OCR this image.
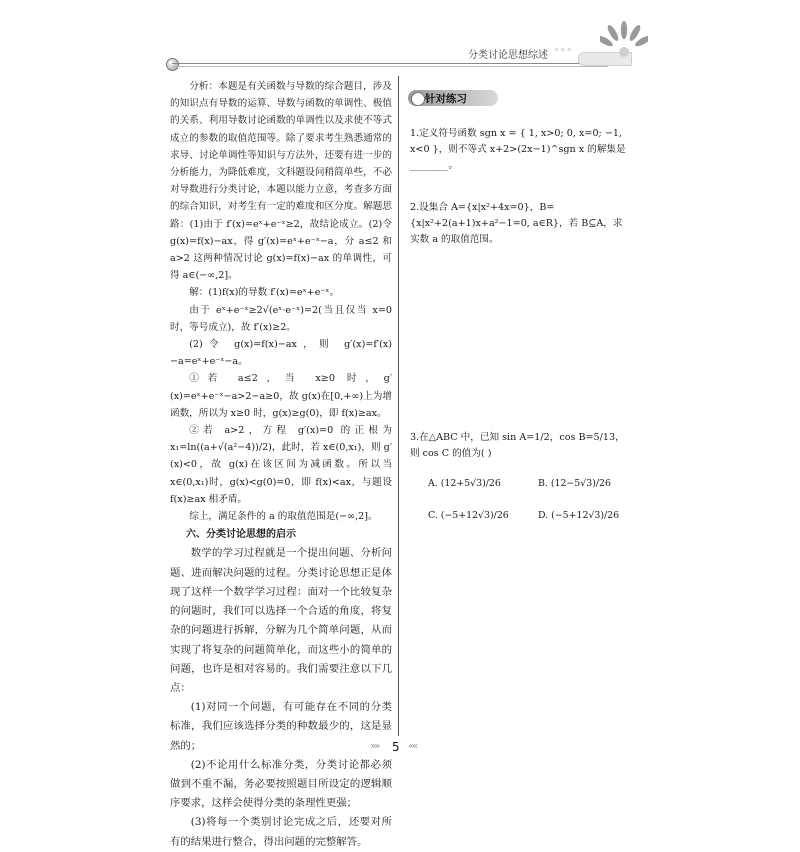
分类讨论思想综述 ◦◦◦

分析：本题是有关函数与导数的综合题目，涉及的知识点有导数的运算、导数与函数的单调性、极值的关系、利用导数讨论函数的单调性以及求使不等式成立的参数的取值范围等。除了要求考生熟悉通常的求导、讨论单调性等知识与方法外，还要有进一步的分析能力，为降低难度，文科题设问稍简单些，不必对导数进行分类讨论，本题以能力立意，考查多方面的综合知识，对考生有一定的难度和区分度。解题思路：(1)由于 f′(x)=eˣ+e⁻ˣ≥2，故结论成立。(2)令 g(x)=f(x)−ax，得 g′(x)=eˣ+e⁻ˣ−a，分 a≤2 和 a>2 这两种情况讨论 g(x)=f(x)−ax 的单调性，可得 a∈(−∞,2]。

解：(1)f(x)的导数 f′(x)=eˣ+e⁻ˣ。

由于 eˣ+e⁻ˣ≥2√(eˣ·e⁻ˣ)=2(当且仅当 x=0 时，等号成立)，故 f′(x)≥2。

(2)令 g(x)=f(x)−ax，则 g′(x)=f′(x)−a=eˣ+e⁻ˣ−a。

①若 a≤2，当 x≥0 时，g′(x)=eˣ+e⁻ˣ−a>2−a≥0，故 g(x)在[0,+∞)上为增函数，所以为 x≥0 时，g(x)≥g(0)，即 f(x)≥ax。

②若 a>2，方程 g′(x)=0 的正根为 x₁=ln((a+√(a²−4))/2)，此时，若 x∈(0,x₁)，则 g′(x)<0，故 g(x)在该区间为减函数。所以当 x∈(0,x₁)时，g(x)<g(0)=0，即 f(x)<ax，与题设 f(x)≥ax 相矛盾。

综上，满足条件的 a 的取值范围是(−∞,2]。

六、分类讨论思想的启示

数学的学习过程就是一个提出问题、分析问题、进而解决问题的过程。分类讨论思想正是体现了这样一个数学学习过程：面对一个比较复杂的问题时，我们可以选择一个合适的角度，将复杂的问题进行拆解，分解为几个简单问题，从而实现了将复杂的问题简单化，而这些小的简单的问题，也许是相对容易的。我们需要注意以下几点：

(1)对同一个问题，有可能存在不同的分类标准，我们应该选择分类的种数最少的，这是显然的；

(2)不论用什么标准分类，分类讨论都必须做到不重不漏，务必要按照题目所设定的逻辑顺序要求，这样会使得分类的条理性更强；

(3)将每一个类别讨论完成之后，还要对所有的结果进行整合，得出问题的完整解答。

针对练习

1.定义符号函数 sgn x = { 1, x>0; 0, x=0; −1, x<0 }，则不等式 x+2>(2x−1)^sgn x 的解集是________。

2.设集合 A={x|x²+4x=0}，B={x|x²+2(a+1)x+a²−1=0, a∈R}，若 B⊆A，求实数 a 的取值范围。

3.在△ABC 中，已知 sin A=1/2，cos B=5/13，则 cos C 的值为( )

A. (12+5√3)/26	B. (12−5√3)/26
C. (−5+12√3)/26	D. (−5+12√3)/26
»» 5 ««
